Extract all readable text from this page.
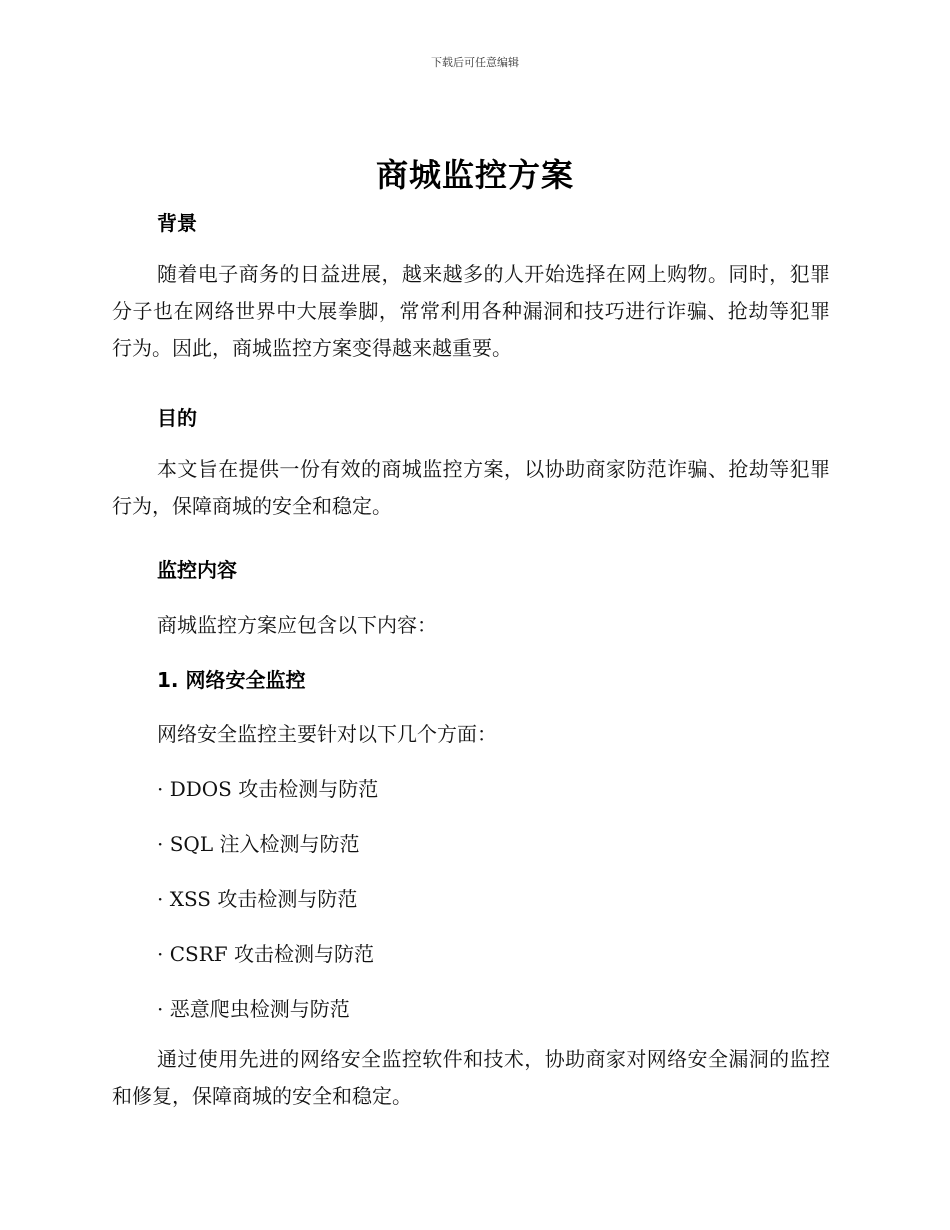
下载后可任意编辑
商城监控方案
背景
随着电子商务的日益进展，越来越多的人开始选择在网上购物。同时，犯罪分子也在网络世界中大展拳脚，常常利用各种漏洞和技巧进行诈骗、抢劫等犯罪行为。因此，商城监控方案变得越来越重要。
目的
本文旨在提供一份有效的商城监控方案，以协助商家防范诈骗、抢劫等犯罪行为，保障商城的安全和稳定。
监控内容
商城监控方案应包含以下内容：
1. 网络安全监控
网络安全监控主要针对以下几个方面：
· DDOS 攻击检测与防范
· SQL 注入检测与防范
· XSS 攻击检测与防范
· CSRF 攻击检测与防范
· 恶意爬虫检测与防范
通过使用先进的网络安全监控软件和技术，协助商家对网络安全漏洞的监控和修复，保障商城的安全和稳定。
